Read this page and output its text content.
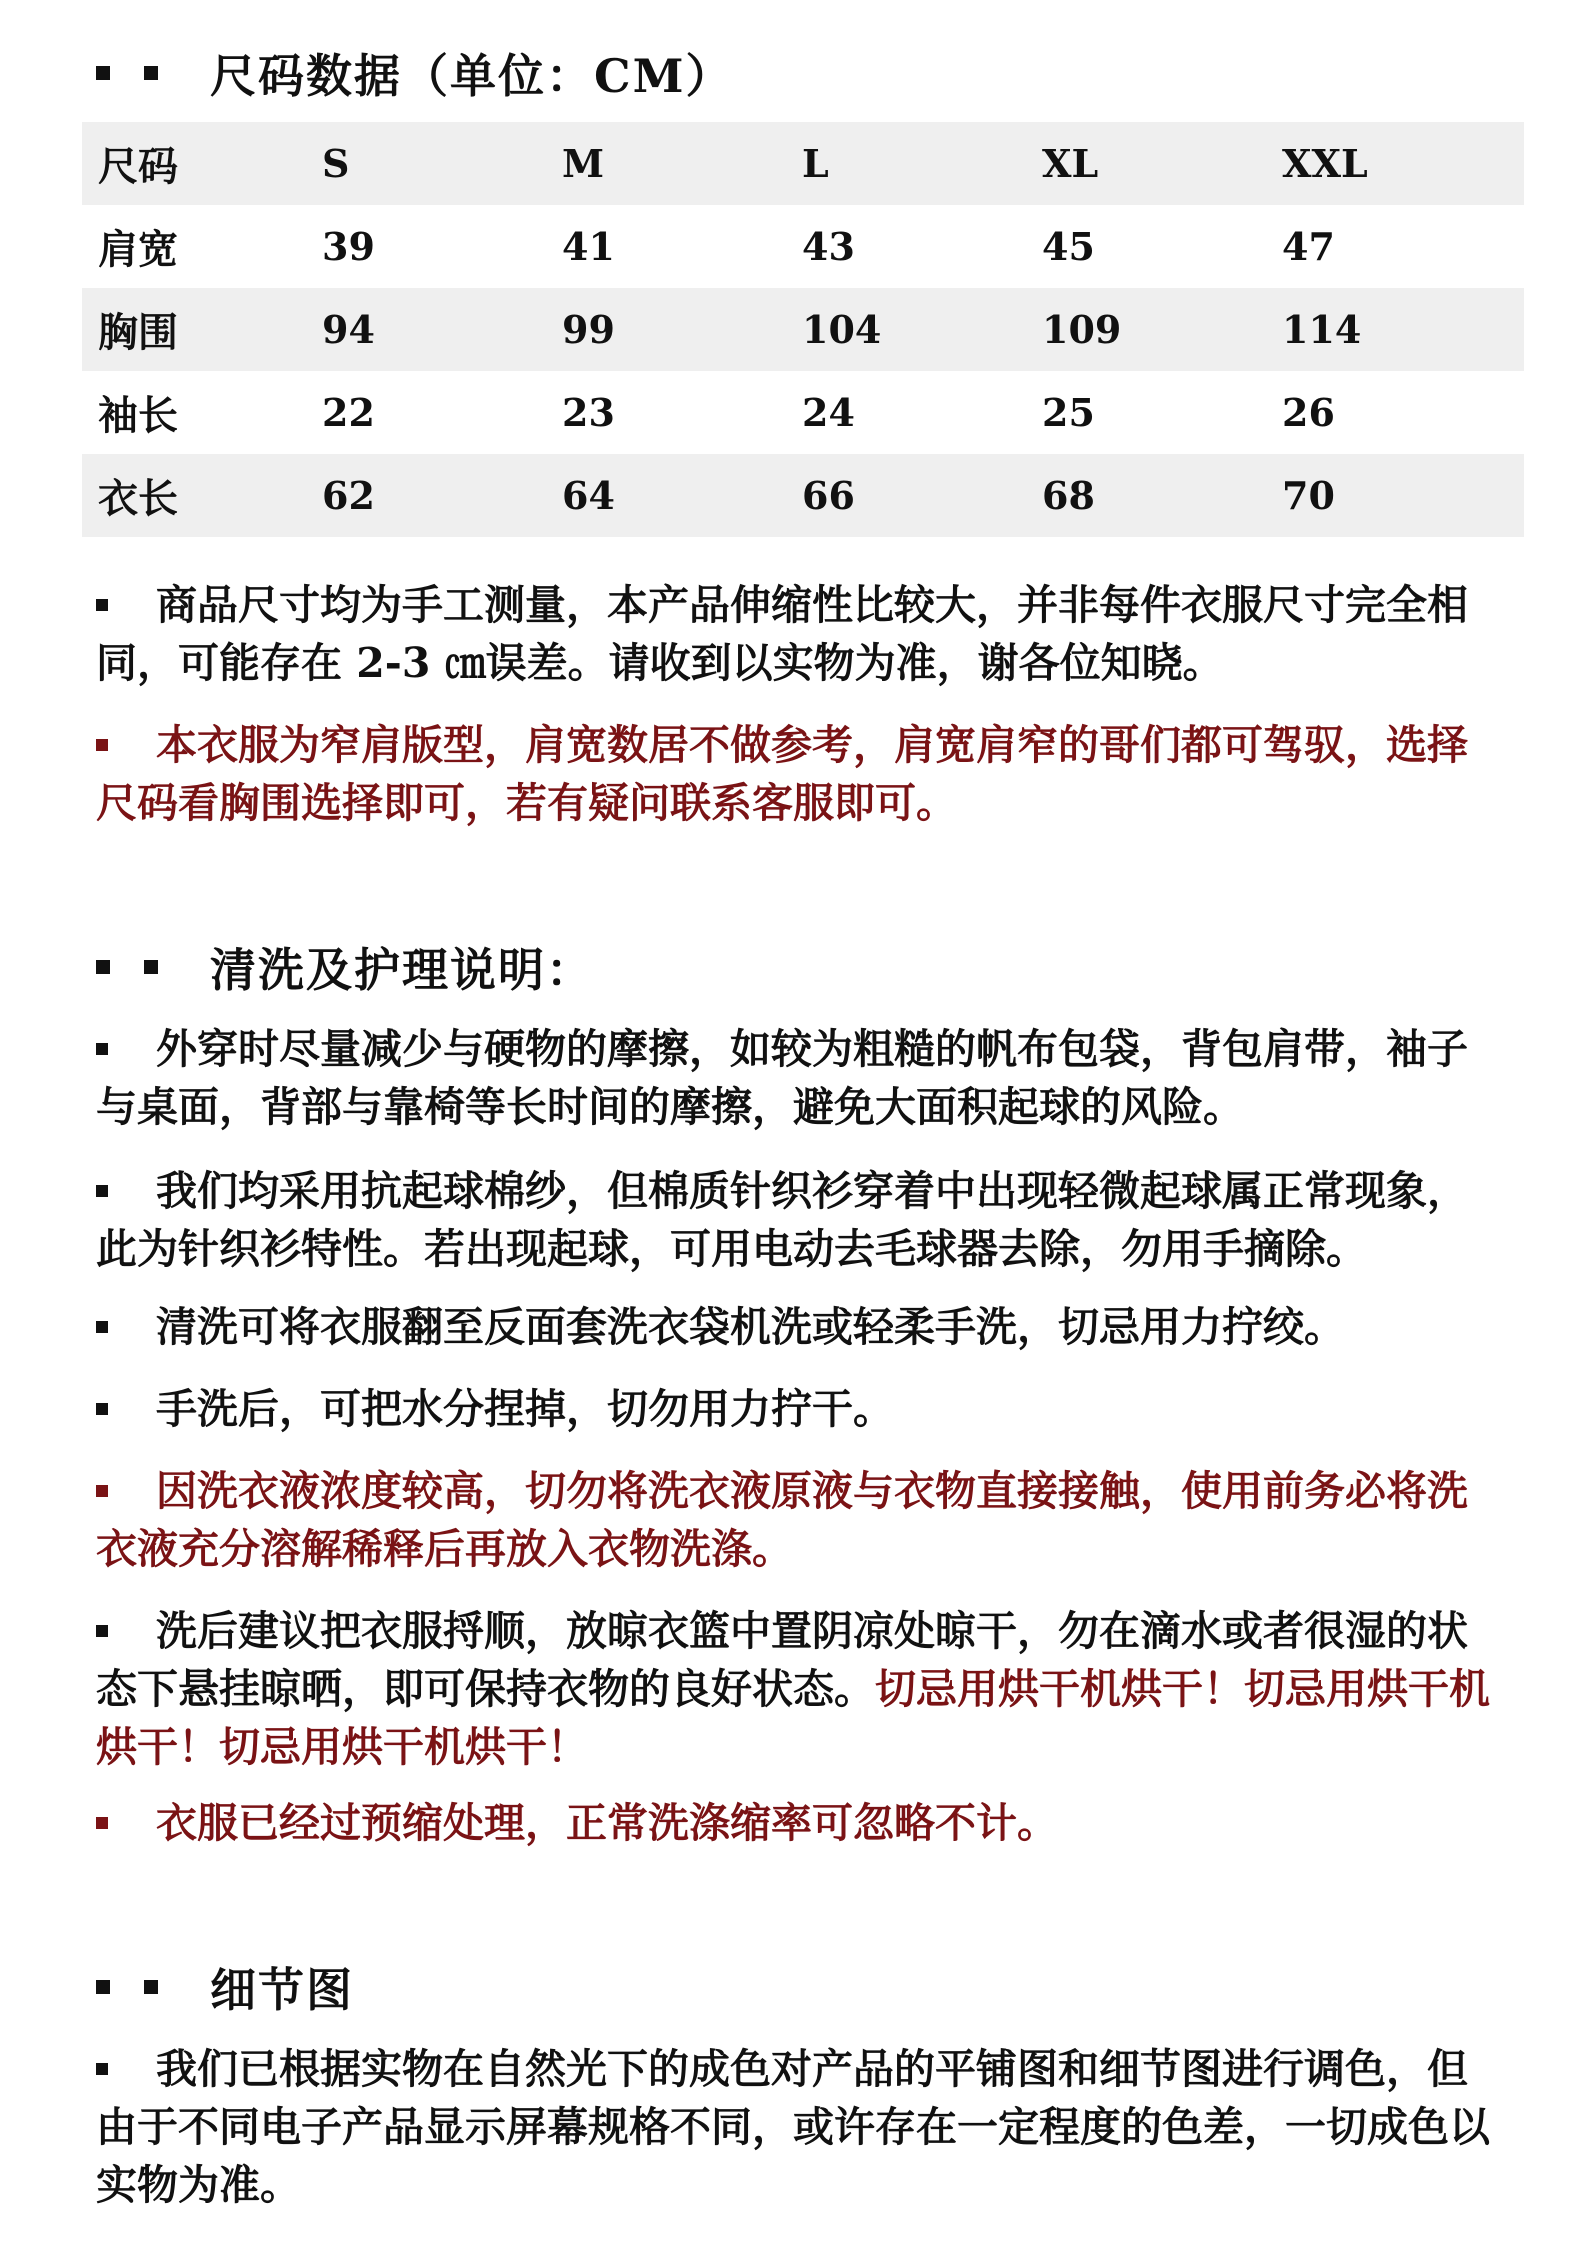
尺码数据（单位：CM）
尺码	S	M	L	XL	XXL
肩宽	39	41	43	45	47
胸围	94	99	104	109	114
袖长	22	23	24	25	26
衣长	62	64	66	68	70

商品尺寸均为手工测量，本产品伸缩性比较大，并非每件衣服尺寸完全相同，可能存在 2-3 ㎝误差。请收到以实物为准，谢各位知晓。

本衣服为窄肩版型，肩宽数居不做参考，肩宽肩窄的哥们都可驾驭，选择尺码看胸围选择即可，若有疑问联系客服即可。

清洗及护理说明：

外穿时尽量减少与硬物的摩擦，如较为粗糙的帆布包袋，背包肩带，袖子与桌面，背部与靠椅等长时间的摩擦，避免大面积起球的风险。

我们均采用抗起球棉纱，但棉质针织衫穿着中出现轻微起球属正常现象，此为针织衫特性。若出现起球，可用电动去毛球器去除，勿用手摘除。

清洗可将衣服翻至反面套洗衣袋机洗或轻柔手洗，切忌用力拧绞。

手洗后，可把水分捏掉，切勿用力拧干。

因洗衣液浓度较高，切勿将洗衣液原液与衣物直接接触，使用前务必将洗衣液充分溶解稀释后再放入衣物洗涤。

洗后建议把衣服捋顺，放晾衣篮中置阴凉处晾干，勿在滴水或者很湿的状态下悬挂晾晒，即可保持衣物的良好状态。切忌用烘干机烘干！切忌用烘干机烘干！切忌用烘干机烘干！

衣服已经过预缩处理，正常洗涤缩率可忽略不计。

细节图

我们已根据实物在自然光下的成色对产品的平铺图和细节图进行调色，但由于不同电子产品显示屏幕规格不同，或许存在一定程度的色差，一切成色以实物为准。
